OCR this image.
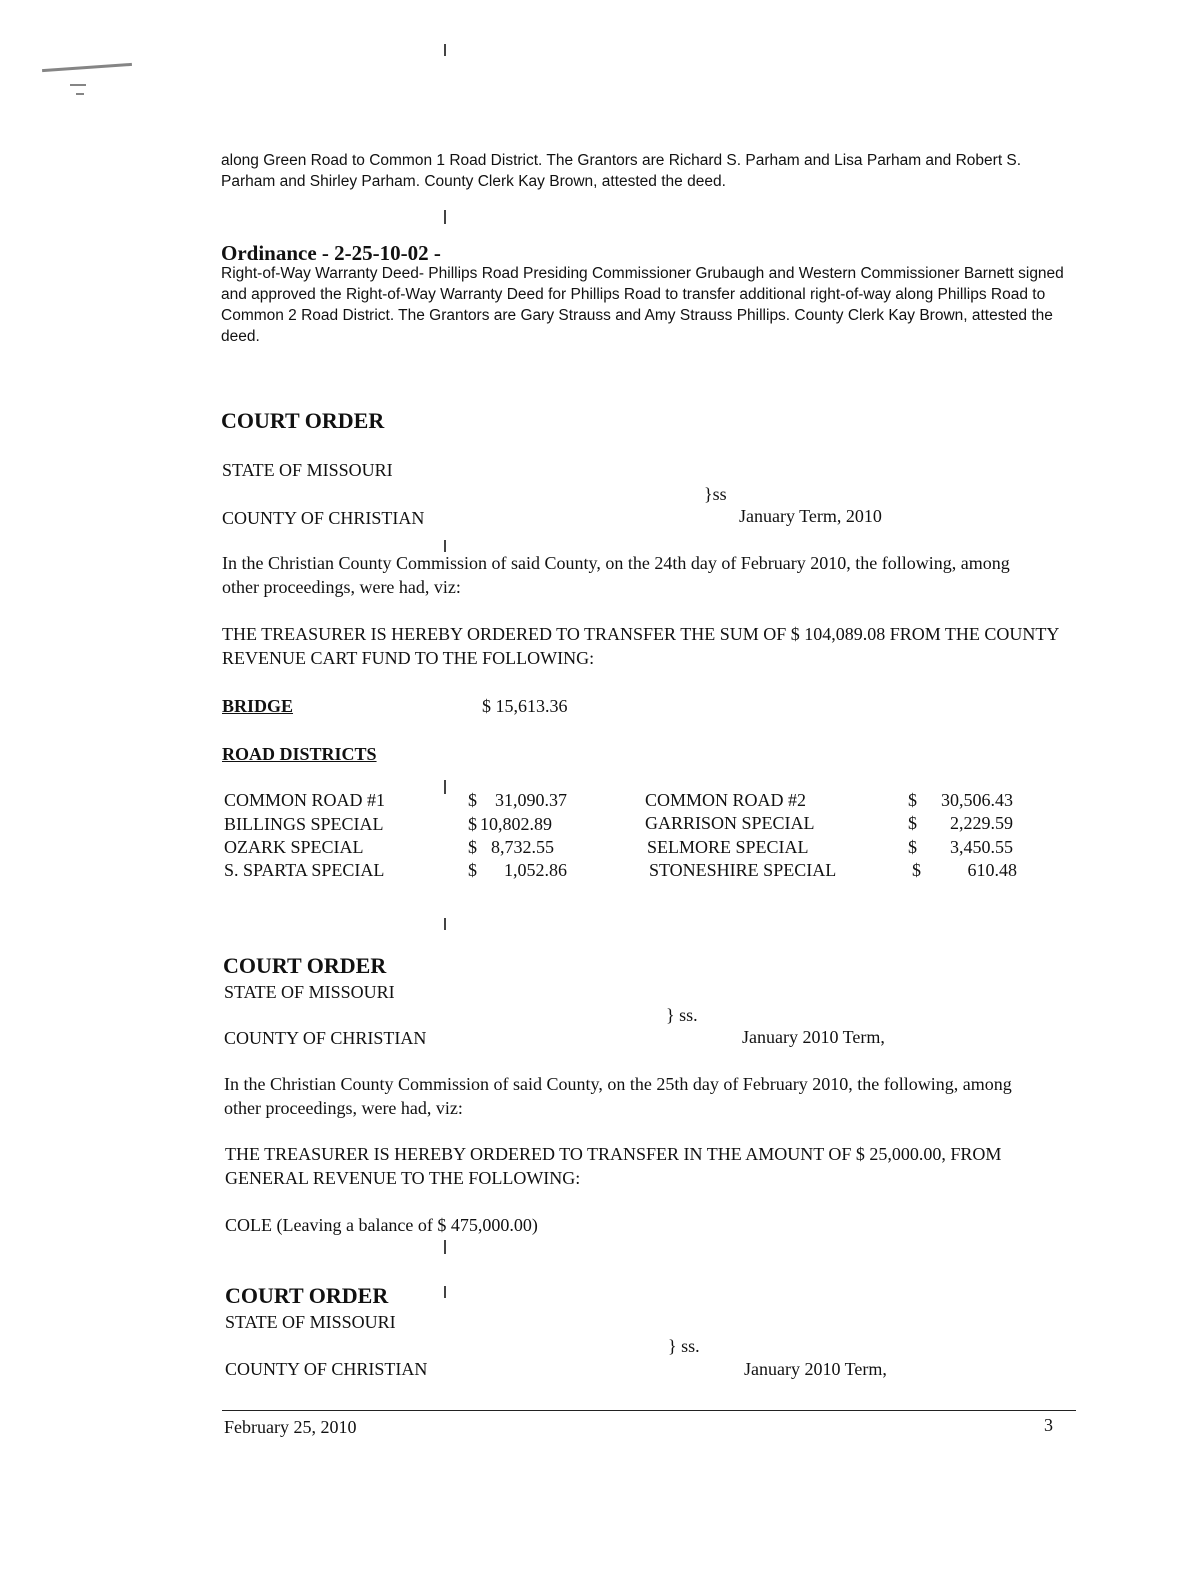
along Green Road to Common 1 Road District. The Grantors are Richard S. Parham and Lisa Parham and Robert S. Parham and Shirley Parham. County Clerk Kay Brown, attested the deed.
Ordinance - 2-25-10-02 -
Right-of-Way Warranty Deed- Phillips Road Presiding Commissioner Grubaugh and Western Commissioner Barnett signed and approved the Right-of-Way Warranty Deed for Phillips Road to transfer additional right-of-way along Phillips Road to Common 2 Road District. The Grantors are Gary Strauss and Amy Strauss Phillips. County Clerk Kay Brown, attested the deed.
COURT ORDER
STATE OF MISSOURI
}ss
COUNTY OF CHRISTIAN	January Term, 2010
In the Christian County Commission of said County, on the 24th day of February 2010, the following, among other proceedings, were had, viz:
THE TREASURER IS HEREBY ORDERED TO TRANSFER THE SUM OF $ 104,089.08 FROM THE COUNTY REVENUE CART FUND TO THE FOLLOWING:
BRIDGE	$ 15,613.36
ROAD DISTRICTS
COMMON ROAD #1	$	31,090.37
BILLINGS SPECIAL	$ 10,802.89
OZARK SPECIAL	$ 8,732.55
S. SPARTA SPECIAL	$	1,052.86
COMMON ROAD #2	$	30,506.43
GARRISON SPECIAL	$	2,229.59
SELMORE SPECIAL	$	3,450.55
STONESHIRE SPECIAL	$	610.48
COURT ORDER
STATE OF MISSOURI
} ss.
COUNTY OF CHRISTIAN	January 2010 Term,
In the Christian County Commission of said County, on the 25th day of February 2010, the following, among other proceedings, were had, viz:
THE TREASURER IS HEREBY ORDERED TO TRANSFER IN THE AMOUNT OF $ 25,000.00, FROM GENERAL REVENUE TO THE FOLLOWING:
COLE (Leaving a balance of $ 475,000.00)
COURT ORDER
STATE OF MISSOURI
} ss.
COUNTY OF CHRISTIAN	January 2010 Term,
February 25, 2010	3
